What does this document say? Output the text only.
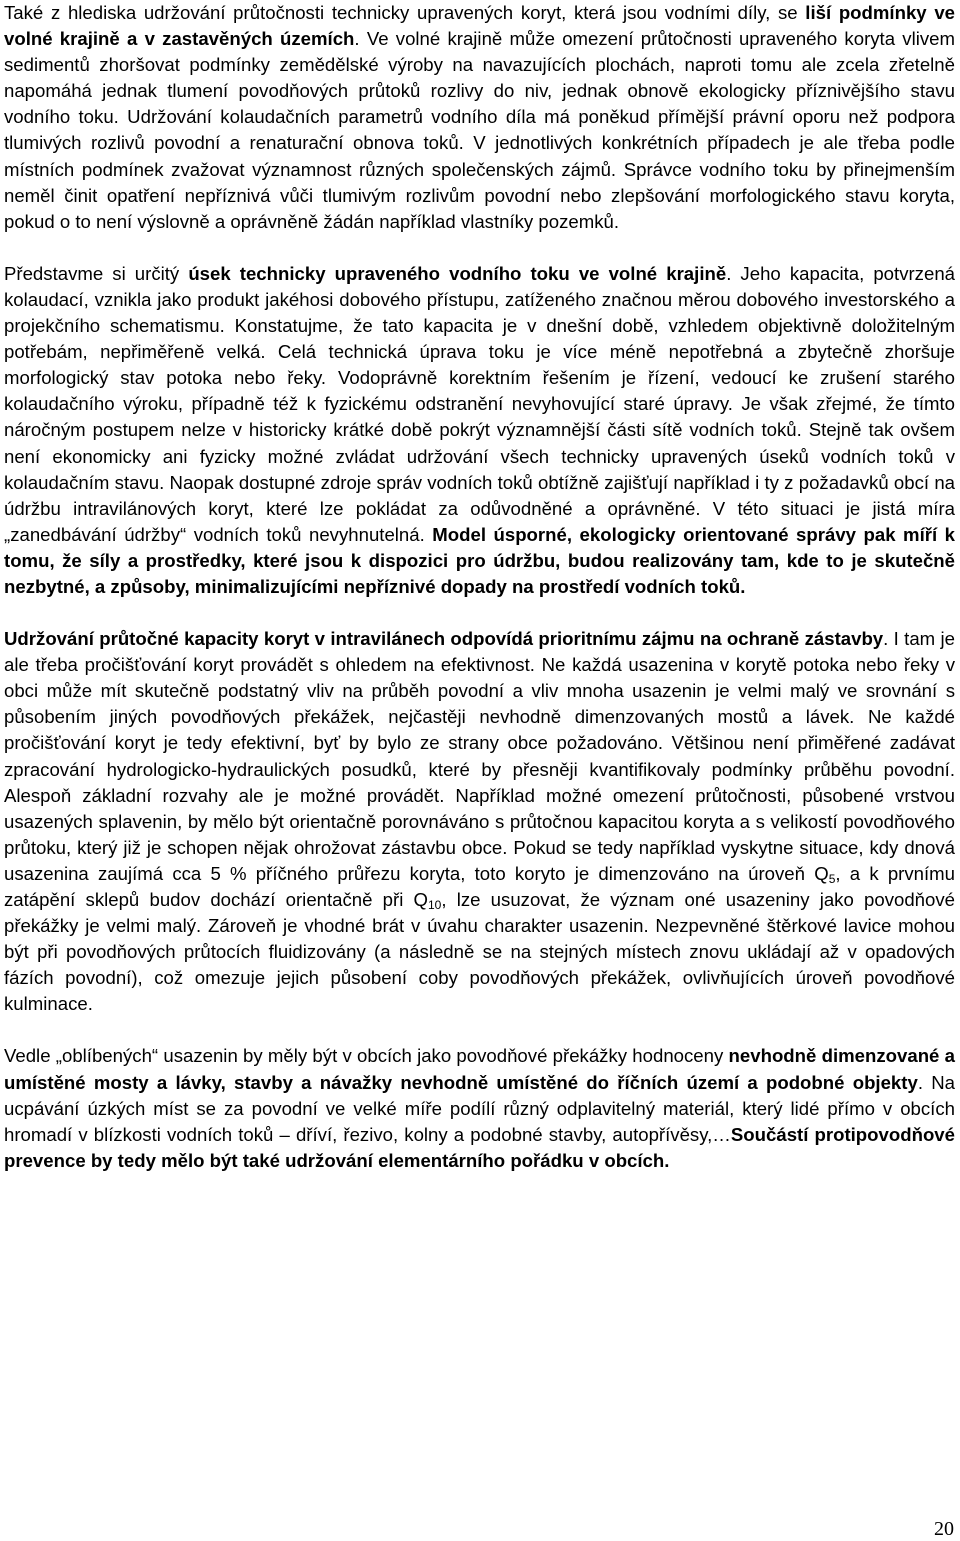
Také z hlediska udržování průtočnosti technicky upravených koryt, která jsou vodními díly, se liší podmínky ve volné krajině a v zastavěných územích. Ve volné krajině může omezení průtočnosti upraveného koryta vlivem sedimentů zhoršovat podmínky zemědělské výroby na navazujících plochách, naproti tomu ale zcela zřetelně napomáhá jednak tlumení povodňových průtoků rozlivy do niv, jednak obnově ekologicky příznivějšího stavu vodního toku. Udržování kolaudačních parametrů vodního díla má poněkud přímější právní oporu než podpora tlumivých rozlivů povodní a renaturační obnova toků. V jednotlivých konkrétních případech je ale třeba podle místních podmínek zvažovat významnost různých společenských zájmů. Správce vodního toku by přinejmenším neměl činit opatření nepříznivá vůči tlumivým rozlivům povodní nebo zlepšování morfologického stavu koryta, pokud o to není výslovně a oprávněně žádán například vlastníky pozemků.

Představme si určitý úsek technicky upraveného vodního toku ve volné krajině. Jeho kapacita, potvrzená kolaudací, vznikla jako produkt jakéhosi dobového přístupu, zatíženého značnou měrou dobového investorského a projekčního schematismu. Konstatujme, že tato kapacita je v dnešní době, vzhledem objektivně doložitelným potřebám, nepřiměřeně velká. Celá technická úprava toku je více méně nepotřebná a zbytečně zhoršuje morfologický stav potoka nebo řeky. Vodoprávně korektním řešením je řízení, vedoucí ke zrušení starého kolaudačního výroku, případně též k fyzickému odstranění nevyhovující staré úpravy. Je však zřejmé, že tímto náročným postupem nelze v historicky krátké době pokrýt významnější části sítě vodních toků. Stejně tak ovšem není ekonomicky ani fyzicky možné zvládat udržování všech technicky upravených úseků vodních toků v kolaudačním stavu. Naopak dostupné zdroje správ vodních toků obtížně zajišťují například i ty z požadavků obcí na údržbu intravilánových koryt, které lze pokládat za odůvodněné a oprávněné. V této situaci je jistá míra „zanedbávání údržby“ vodních toků nevyhnutelná. Model úsporné, ekologicky orientované správy pak míří k tomu, že síly a prostředky, které jsou k dispozici pro údržbu, budou realizovány tam, kde to je skutečně nezbytné, a způsoby, minimalizujícími nepříznivé dopady na prostředí vodních toků.

Udržování průtočné kapacity koryt v intravilánech odpovídá prioritnímu zájmu na ochraně zástavby. I tam je ale třeba pročišťování koryt provádět s ohledem na efektivnost. Ne každá usazenina v korytě potoka nebo řeky v obci může mít skutečně podstatný vliv na průběh povodní a vliv mnoha usazenin je velmi malý ve srovnání s působením jiných povodňových překážek, nejčastěji nevhodně dimenzovaných mostů a lávek. Ne každé pročišťování koryt je tedy efektivní, byť by bylo ze strany obce požadováno. Většinou není přiměřené zadávat zpracování hydrologicko-hydraulických posudků, které by přesněji kvantifikovaly podmínky průběhu povodní. Alespoň základní rozvahy ale je možné provádět. Například možné omezení průtočnosti, působené vrstvou usazených splavenin, by mělo být orientačně porovnáváno s průtočnou kapacitou koryta a s velikostí povodňového průtoku, který již je schopen nějak ohrožovat zástavbu obce. Pokud se tedy například vyskytne situace, kdy dnová usazenina zaujímá cca 5 % příčného průřezu koryta, toto koryto je dimenzováno na úroveň $Q_5$, a k prvnímu zatápění sklepů budov dochází orientačně při $Q_{10}$, lze usuzovat, že význam oné usazeniny jako povodňové překážky je velmi malý. Zároveň je vhodné brát v úvahu charakter usazenin. Nezpevněné štěrkové lavice mohou být při povodňových průtocích fluidizovány (a následně se na stejných místech znovu ukládají až v opadových fázích povodní), což omezuje jejich působení coby povodňových překážek, ovlivňujících úroveň povodňové kulminace.

Vedle „oblíbených“ usazenin by měly být v obcích jako povodňové překážky hodnoceny nevhodně dimenzované a umístěné mosty a lávky, stavby a návažky nevhodně umístěné do říčních území a podobné objekty. Na ucpávání úzkých míst se za povodní ve velké míře podílí různý odplavitelný materiál, který lidé přímo v obcích hromadí v blízkosti vodních toků – dříví, řezivo, kolny a podobné stavby, autopřívěsy,…Součástí protipovodňové prevence by tedy mělo být také udržování elementárního pořádku v obcích.

20
